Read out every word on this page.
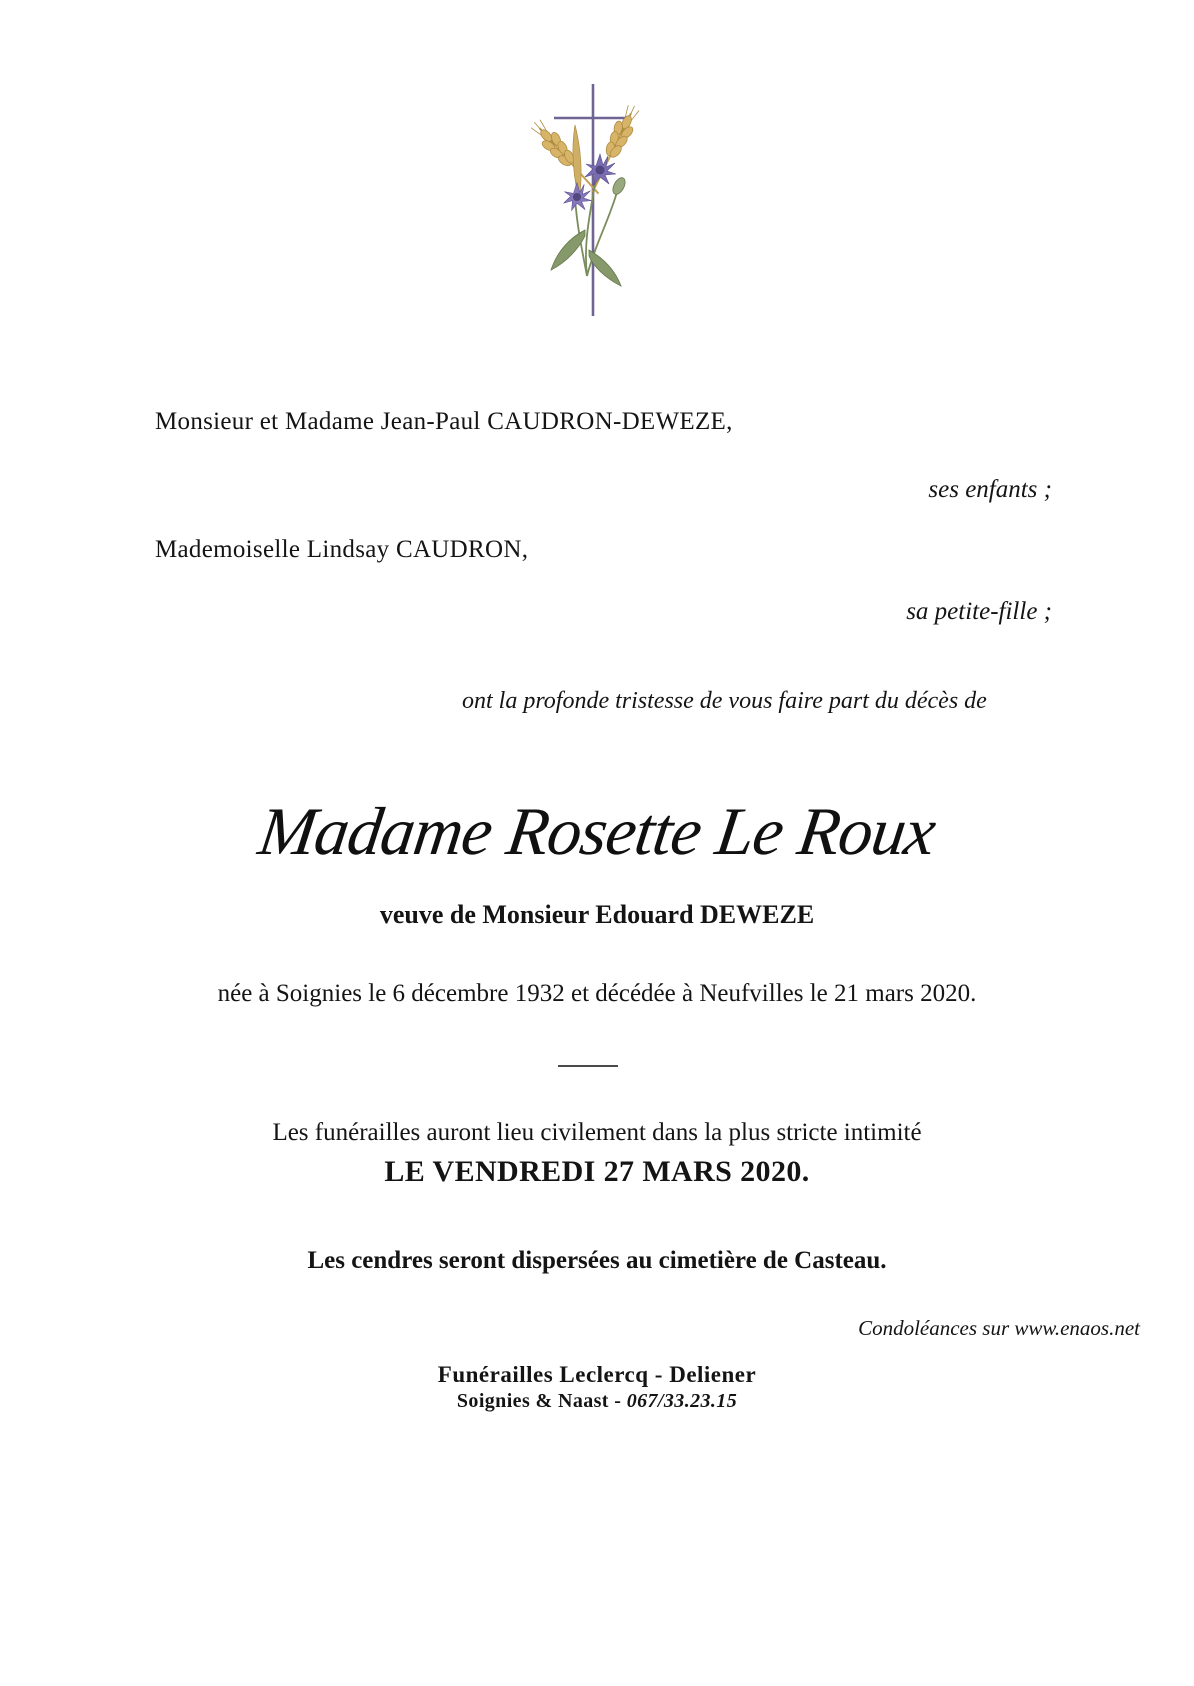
Monsieur et Madame Jean-Paul CAUDRON-DEWEZE,
ses enfants ;
Mademoiselle Lindsay CAUDRON,
sa petite-fille ;
ont la profonde tristesse de vous faire part du décès de
Madame Rosette Le Roux
veuve de Monsieur Edouard DEWEZE
née à Soignies le 6 décembre 1932 et décédée à Neufvilles le 21 mars 2020.
Les funérailles auront lieu civilement dans la plus stricte intimité
LE VENDREDI 27 MARS 2020.
Les cendres seront dispersées au cimetière de Casteau.
Condoléances sur www.enaos.net
Funérailles Leclercq - Deliener
Soignies & Naast - 067/33.23.15
